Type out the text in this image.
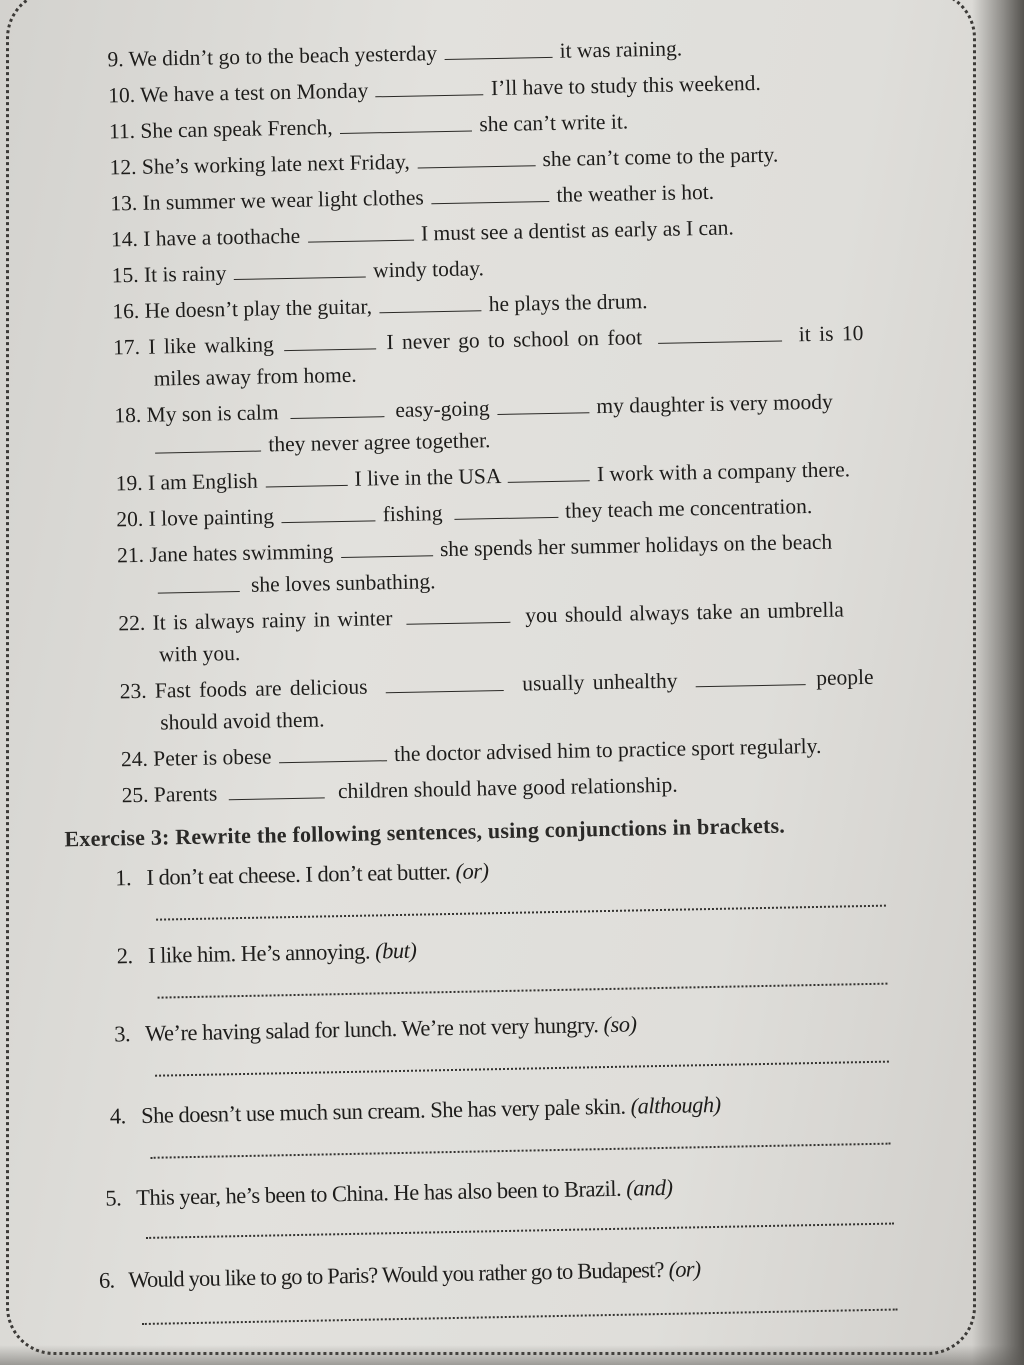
9. We didn’t go to the beach yesterday	it was raining.
10. We have a test on Monday	I’ll have to study this weekend.
11. She can speak French,	she can’t write it.
12. She’s working late next Friday,	she can’t come to the party.
13. In summer we wear light clothes	the weather is hot.
14. I have a toothache	I must see a dentist as early as I can.
15. It is rainy	windy today.
16. He doesn’t play the guitar,	he plays the drum.
17. I like walking	I never go to school on foot	it is 10
miles away from home.
18. My son is calm	easy-going	my daughter is very moody
they never agree together.
19. I am English	I live in the USA	I work with a company there.
20. I love painting	fishing	they teach me concentration.
21. Jane hates swimming	she spends her summer holidays on the beach
she loves sunbathing.
22. It is always rainy in winter	you should always take an umbrella
with you.
23. Fast foods are delicious	usually unhealthy	people
should avoid them.
24. Peter is obese	the doctor advised him to practice sport regularly.
25. Parents	children should have good relationship.
Exercise 3: Rewrite the following sentences, using conjunctions in brackets.
1. I don’t eat cheese. I don’t eat butter. (or)
2. I like him. He’s annoying. (but)
3. We’re having salad for lunch. We’re not very hungry. (so)
4. She doesn’t use much sun cream. She has very pale skin. (although)
5. This year, he’s been to China. He has also been to Brazil. (and)
6. Would you like to go to Paris? Would you rather go to Budapest? (or)
